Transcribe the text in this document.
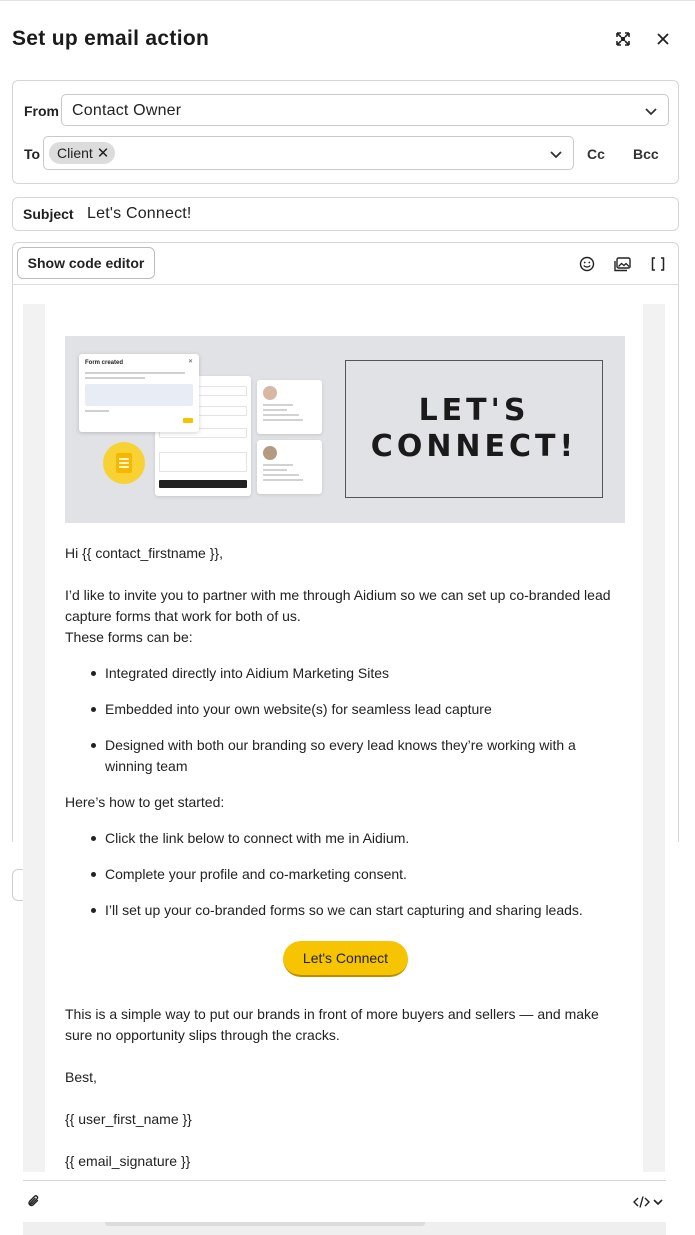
Set up email action
From Contact Owner
To Client ✕	Cc Bcc
Subject Let's Connect!
Show code editor
Form created	✕
LET'S
CONNECT!
Hi {{ contact_firstname }},
I’d like to invite you to partner with me through Aidium so we can set up co-branded lead capture forms that work for both of us.
These forms can be:
Integrated directly into Aidium Marketing Sites
Embedded into your own website(s) for seamless lead capture
Designed with both our branding so every lead knows they’re working with a winning team
Here’s how to get started:
Click the link below to connect with me in Aidium.
Complete your profile and co-marketing consent.
I’ll set up your co-branded forms so we can start capturing and sharing leads.
Let's Connect
This is a simple way to put our brands in front of more buyers and sellers — and make sure no opportunity slips through the cracks.
Best,
{{ user_first_name }}
{{ email_signature }}
